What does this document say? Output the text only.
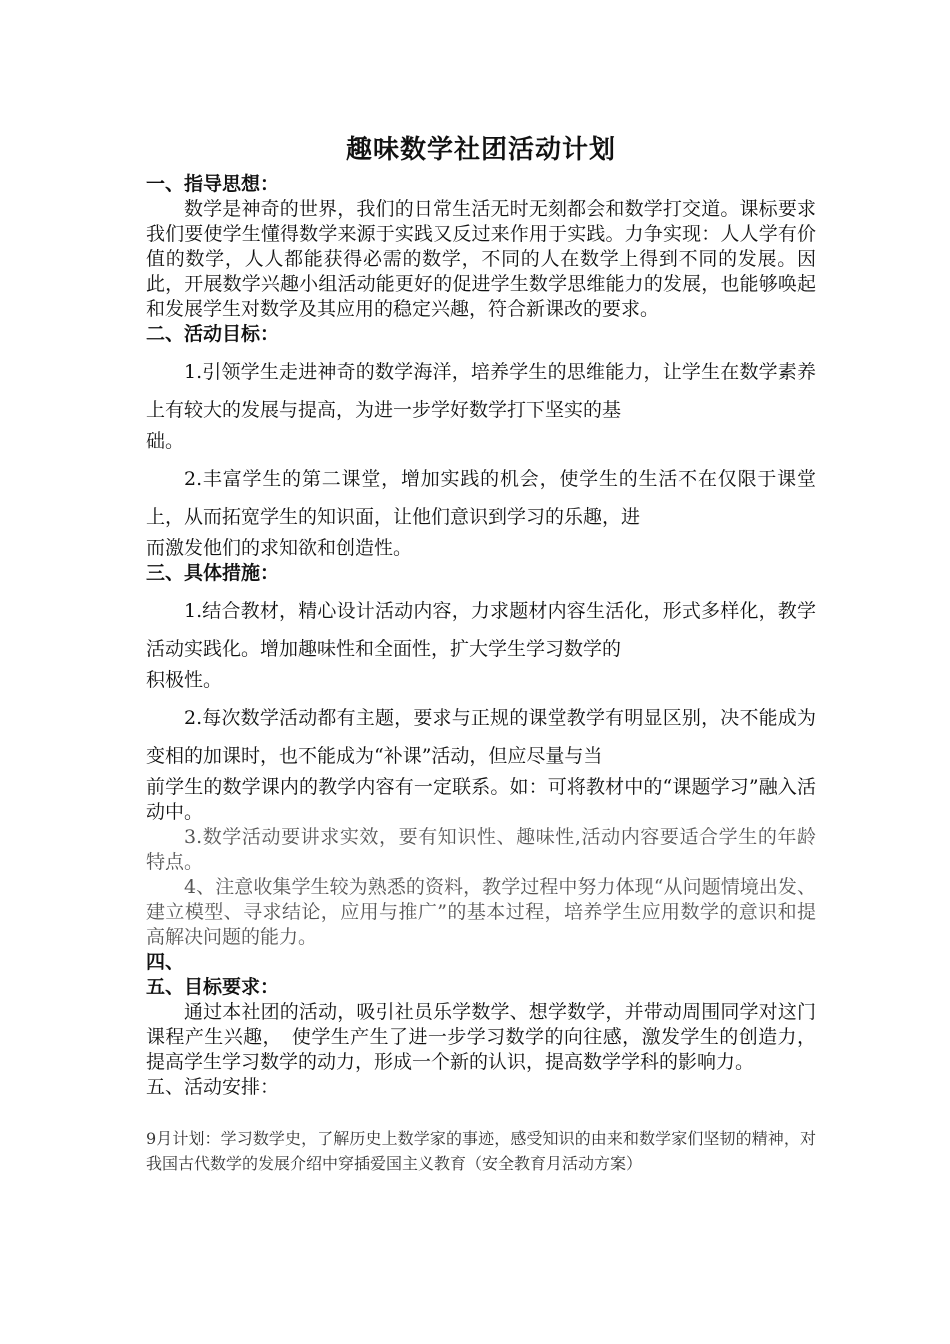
趣味数学社团活动计划

一、指导思想：

数学是神奇的世界，我们的日常生活无时无刻都会和数学打交道。课标要求我们要使学生懂得数学来源于实践又反过来作用于实践。力争实现：人人学有价值的数学，人人都能获得必需的数学，不同的人在数学上得到不同的发展。因此，开展数学兴趣小组活动能更好的促进学生数学思维能力的发展，也能够唤起和发展学生对数学及其应用的稳定兴趣，符合新课改的要求。

二、活动目标：

1.引领学生走进神奇的数学海洋，培养学生的思维能力，让学生在数学素养上有较大的发展与提高，为进一步学好数学打下坚实的基
础。

2.丰富学生的第二课堂，增加实践的机会，使学生的生活不在仅限于课堂上，从而拓宽学生的知识面，让他们意识到学习的乐趣，进
而激发他们的求知欲和创造性。

三、具体措施：

1.结合教材，精心设计活动内容，力求题材内容生活化，形式多样化，教学活动实践化。增加趣味性和全面性，扩大学生学习数学的
积极性。

2.每次数学活动都有主题，要求与正规的课堂教学有明显区别，决不能成为变相的加课时，也不能成为“补课”活动，但应尽量与当
前学生的数学课内的教学内容有一定联系。如：可将教材中的“课题学习”融入活动中。

3.数学活动要讲求实效，要有知识性、趣味性,活动内容要适合学生的年龄特点。

4、注意收集学生较为熟悉的资料，教学过程中努力体现“从问题情境出发、建立模型、寻求结论，应用与推广”的基本过程，培养学生应用数学的意识和提高解决问题的能力。

四、

五、目标要求：

通过本社团的活动，吸引社员乐学数学、想学数学，并带动周围同学对这门课程产生兴趣，　使学生产生了进一步学习数学的向往感，激发学生的创造力，提高学生学习数学的动力，形成一个新的认识，提高数学学科的影响力。

五、活动安排：

9月计划：学习数学史，了解历史上数学家的事迹，感受知识的由来和数学家们坚韧的精神，对我国古代数学的发展介绍中穿插爱国主义教育（安全教育月活动方案）
